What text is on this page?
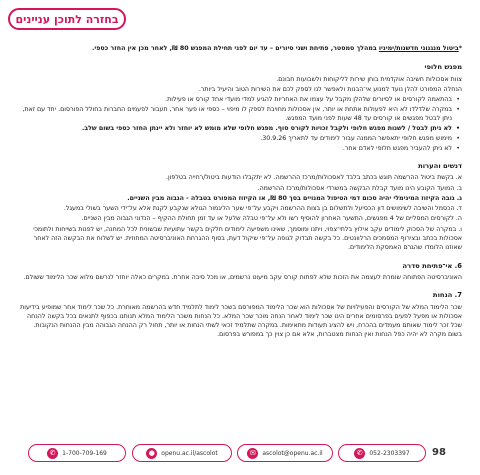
בחזרה לתוכן עניינים

*ביטול מנגנוני חדשנות/ימיניו במהלך סמסטר, פתיחת ושני סיורים – עד יום לפני תחילת המפגש 80 ₪, לאחר מכן אין החזר כספי.

מפגש חלופי

צוות אסכולות חשיבה אוקדמית בוחן שירות לליקוחות ולשבועות חבונם.

הנחלה המפורט להלן נועד למנוע אי־הבנות ולאפשר לנו לספק לכם את השירות הטוב והיעיל ביותר.

• בהתאמה לקורסים או לסיורים שלהלן מקבל על עצמו את האחריות להגיע למדי מועדי אחד קורס או פעילות.
• במקרה שלדלדו לא היא לפעולות אתחת או יותר, אין אסכולות מחויבת לספק לו מיפוי – כספי או פער אחר, תעבור לפעמים החברות בחולל הפורסום. יחד עם זאת, ניתן לבטל מפגשים או קורסים עד 48 שעות לפני מועד המפגש.
• לא ניתן לבטל / לשנות מפגש חלופי ולקבל זכויות לקורס סוף. מפגש חלופי שלא מומש לא יוחזר ולא יינתן החזר כספי בשום שלב.
• מימוש מפגש חלופי יתאפשר הממנה עבור לימודים עד לתאריך 30.9.26.
• לא ניתן להעביר מפגש חלופי לאדם אחר.
דנשים והערות

א. בקשת ביטול ההרשמה תוגש בכתב בלבד לאסכולות/מרכז ההרשמה. לא יתקבלו הודעות ביטול/רחייה בטלפון.

ב. המועד הקובע הינו מועד קבלת הבקשה במשרדי אסכולות/מרכז ההרשמה.

ג. גובה הקיזוז המינימלי יהיה סכום דמי הטיפול המנויים בסך 80 ₪, או הקיזוז המפורט בטבלה - הגבוה מבין השניים.

ד. הכסמל והשיבה לשימושים דון הכסיעל ולתשלום בן בצות ההרשמה ויקבע על־פי שער הליגמור הגולא שנקבע לקנת אלא על־ידי השער בשולי במעגל.

ה. לקורסים המסליים של 4 מפגשים, התשער האחרון להוסיף רשו ולא על־פי טבלה שלעל או עד זמן תחולת ההקיף – הנדוני הגבוה מבין השניים.

ו. במקרה של הסכוק לימודים עקב אילוץ בלתי־צפוי, ויתנו ומוסמך, שאינו משפיעה לימודים חלקים בקשר עתועיות שבשונית לכל המחנה, יש לפנות בשייחות ולתומכי אסכולות בכתב ובצירוף המסמכים הרלוונטים. כל בקשה תבדוק לגופה על־פי שיקול דעת, בסוף ההגרחת האוניברסיטה המחוזית. יש לשלוח את הבקשה הזה לאחר שאוזנו הלומדו שהגרם האמסקת הלימודים.

6. אי־פתיחת סדרה

האוניברסיטה הפתוחה שומרת לעצמה את הזכות שלא לפתוח קורס עקב מיעוט נרשמים, או מכל סיבה אחרת. במקרים כאלה יוחזר לנרשם מלוא שכר הלימוד ששולם.

7. הנחות

שכר הלימוד המלא של הקורסים והפעילויות של אסכולות הוא שכר הלימוד המפורסם בשכר לימוד לתלמיד חדש בהרשמה מאוחרת. כל שכר לימוד אחר שמופיע בידיעות אסכולות או מפעל לפעים בפרסומים אחרים הינו שכר לימוד לאחר הנחה מוכר שכר המלא. כל הנחות משכר הלימוד המלא תנותנו בכפוף לתנאים בכל בקשה להנחה שכל זכר לימוד שאותם מעמדים בהכרח, ויש להציג תעודות מתאימות. במקרה שתלמיד זכאי לשתי הנחות או יותר, תחול רק ההנחה הגבוהה מבין ההנחות הנקובות. בשום מקרה לא יהיה כפל הנחות ואין הנחות מצטברות, אלא אם כן צוין כך במפורש בפרסום.

98
✆	052-2303397
✉	ascolot@openu.ac.il
●	openu.ac.il/ascolot
✆	1-700-709-169
